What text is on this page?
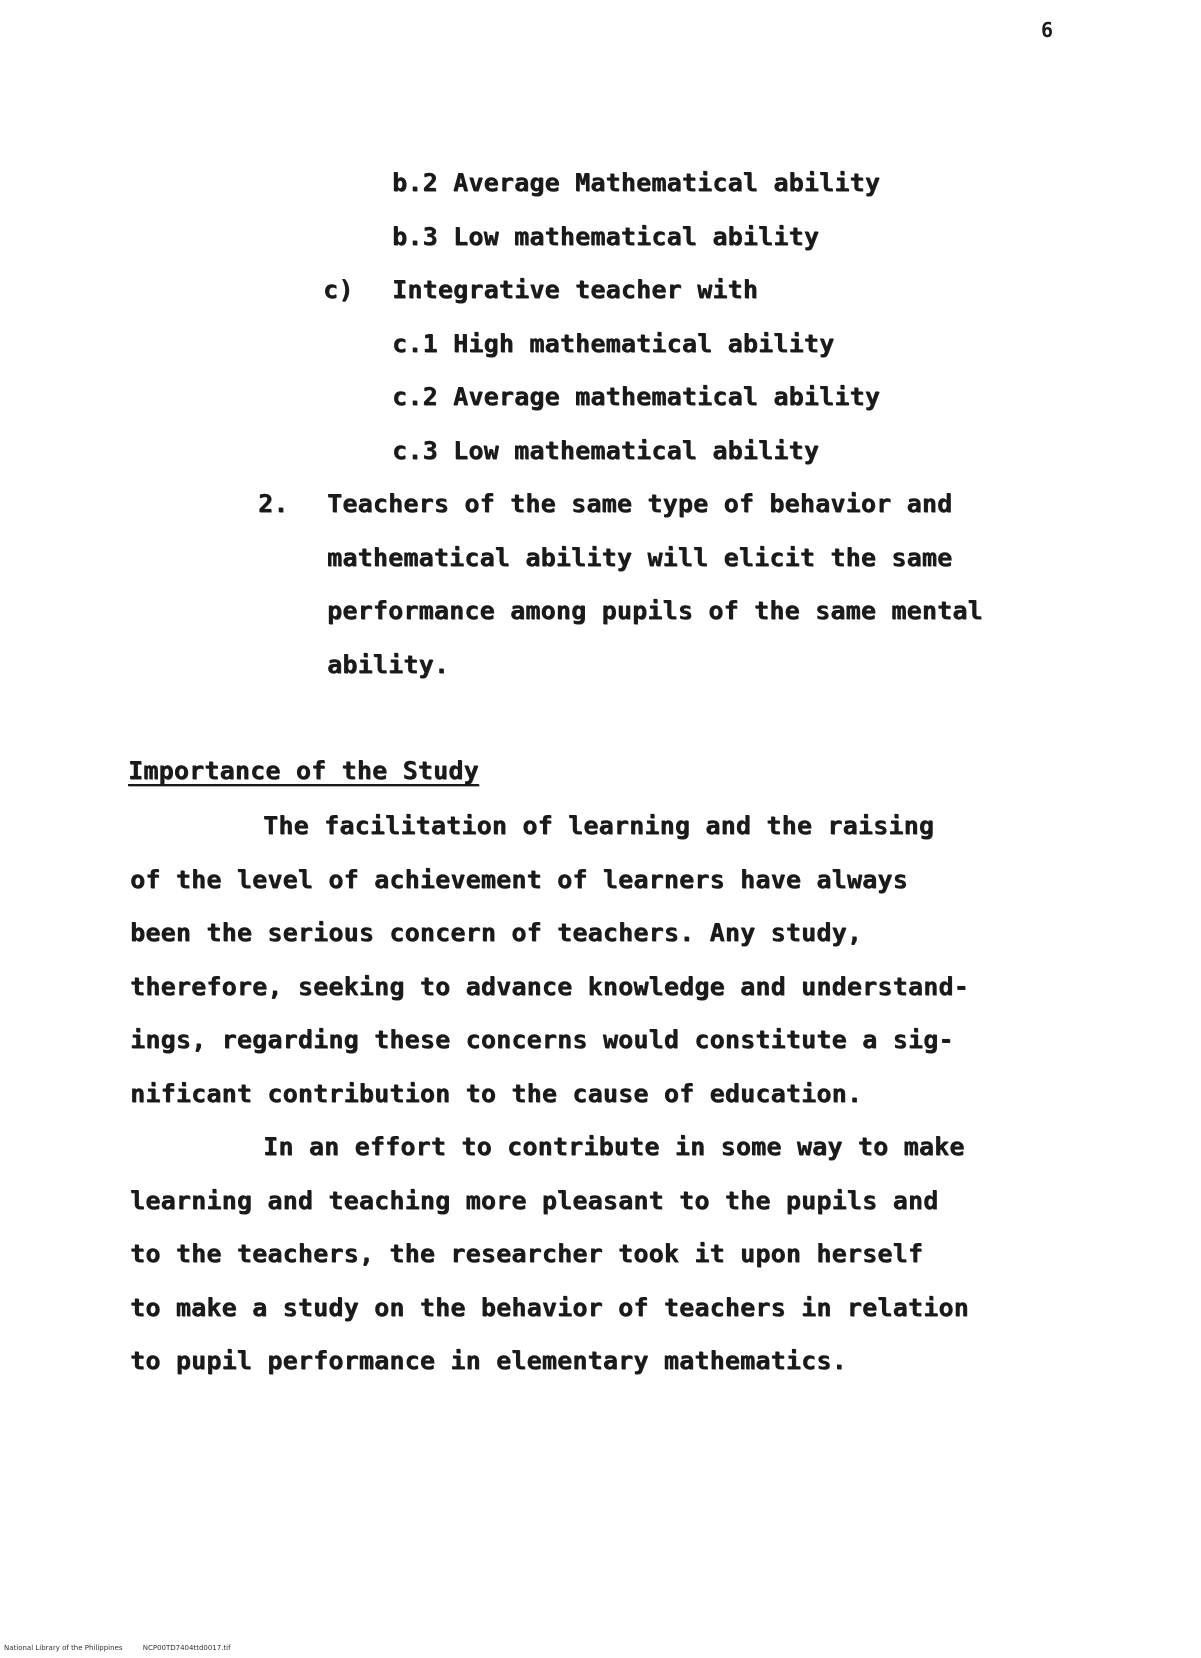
6
b.2 Average Mathematical ability
b.3 Low mathematical ability
c) Integrative teacher with
c.1 High mathematical ability
c.2 Average mathematical ability
c.3 Low mathematical ability
2. Teachers of the same type of behavior and
mathematical ability will elicit the same
performance among pupils of the same mental
ability.
Importance of the Study
The facilitation of learning and the raising
of the level of achievement of learners have always
been the serious concern of teachers. Any study,
therefore, seeking to advance knowledge and understand-
ings, regarding these concerns would constitute a sig-
nificant contribution to the cause of education.
In an effort to contribute in some way to make
learning and teaching more pleasant to the pupils and
to the teachers, the researcher took it upon herself
to make a study on the behavior of teachers in relation
to pupil performance in elementary mathematics.
National Library of the Philippines	NCP00TD7404ttd0017.tif
